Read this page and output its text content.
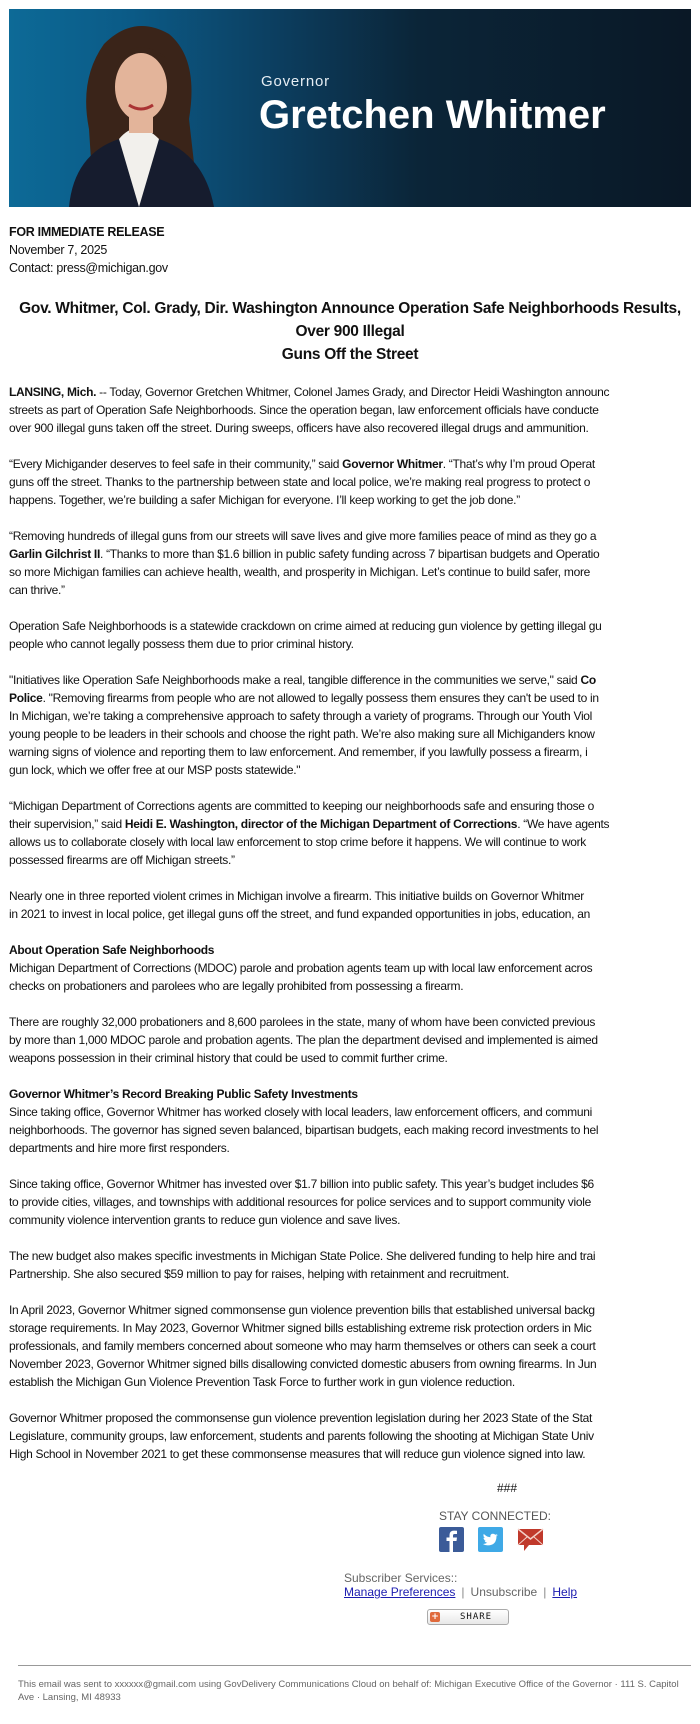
Governor
Gretchen Whitmer
FOR IMMEDIATE RELEASE
November 7, 2025
Contact: press@michigan.gov
Gov. Whitmer, Col. Grady, Dir. Washington Announce Operation Safe Neighborhoods Results, Over 900 Illegal
Guns Off the Street
LANSING, Mich. -- Today, Governor Gretchen Whitmer, Colonel James Grady, and Director Heidi Washington announc
streets as part of Operation Safe Neighborhoods. Since the operation began, law enforcement officials have conducte
over 900 illegal guns taken off the street. During sweeps, officers have also recovered illegal drugs and ammunition.
“Every Michigander deserves to feel safe in their community,” said Governor Whitmer. “That’s why I’m proud Operat
guns off the street. Thanks to the partnership between state and local police, we’re making real progress to protect o
happens. Together, we’re building a safer Michigan for everyone. I’ll keep working to get the job done.”
“Removing hundreds of illegal guns from our streets will save lives and give more families peace of mind as they go a
Garlin Gilchrist II. “Thanks to more than $1.6 billion in public safety funding across 7 bipartisan budgets and Operatio
so more Michigan families can achieve health, wealth, and prosperity in Michigan. Let’s continue to build safer, more
can thrive.”
Operation Safe Neighborhoods is a statewide crackdown on crime aimed at reducing gun violence by getting illegal gu
people who cannot legally possess them due to prior criminal history.
"Initiatives like Operation Safe Neighborhoods make a real, tangible difference in the communities we serve," said Co
Police. "Removing firearms from people who are not allowed to legally possess them ensures they can't be used to in
In Michigan, we’re taking a comprehensive approach to safety through a variety of programs. Through our Youth Viol
young people to be leaders in their schools and choose the right path. We’re also making sure all Michiganders know
warning signs of violence and reporting them to law enforcement. And remember, if you lawfully possess a firearm, i
gun lock, which we offer free at our MSP posts statewide."
“Michigan Department of Corrections agents are committed to keeping our neighborhoods safe and ensuring those o
their supervision,” said Heidi E. Washington, director of the Michigan Department of Corrections. “We have agents
allows us to collaborate closely with local law enforcement to stop crime before it happens. We will continue to work
possessed firearms are off Michigan streets.”
Nearly one in three reported violent crimes in Michigan involve a firearm. This initiative builds on Governor Whitmer
in 2021 to invest in local police, get illegal guns off the street, and fund expanded opportunities in jobs, education, an
About Operation Safe Neighborhoods
Michigan Department of Corrections (MDOC) parole and probation agents team up with local law enforcement acros
checks on probationers and parolees who are legally prohibited from possessing a firearm.
There are roughly 32,000 probationers and 8,600 parolees in the state, many of whom have been convicted previous
by more than 1,000 MDOC parole and probation agents. The plan the department devised and implemented is aimed
weapons possession in their criminal history that could be used to commit further crime.
Governor Whitmer’s Record Breaking Public Safety Investments
Since taking office, Governor Whitmer has worked closely with local leaders, law enforcement officers, and communi
neighborhoods. The governor has signed seven balanced, bipartisan budgets, each making record investments to hel
departments and hire more first responders.
Since taking office, Governor Whitmer has invested over $1.7 billion into public safety. This year’s budget includes $6
to provide cities, villages, and townships with additional resources for police services and to support community viole
community violence intervention grants to reduce gun violence and save lives.
The new budget also makes specific investments in Michigan State Police. She delivered funding to help hire and trai
Partnership. She also secured $59 million to pay for raises, helping with retainment and recruitment.
In April 2023, Governor Whitmer signed commonsense gun violence prevention bills that established universal backg
storage requirements. In May 2023, Governor Whitmer signed bills establishing extreme risk protection orders in Mic
professionals, and family members concerned about someone who may harm themselves or others can seek a court
November 2023, Governor Whitmer signed bills disallowing convicted domestic abusers from owning firearms. In Jun
establish the Michigan Gun Violence Prevention Task Force to further work in gun violence reduction.
Governor Whitmer proposed the commonsense gun violence prevention legislation during her 2023 State of the Stat
Legislature, community groups, law enforcement, students and parents following the shooting at Michigan State Univ
High School in November 2021 to get these commonsense measures that will reduce gun violence signed into law.
###
STAY CONNECTED:
Subscriber Services::
Manage Preferences | Unsubscribe | Help
+ SHARE
This email was sent to xxxxxx@gmail.com using GovDelivery Communications Cloud on behalf of: Michigan Executive Office of the Governor · 111 S. Capitol Ave · Lansing, MI 48933
